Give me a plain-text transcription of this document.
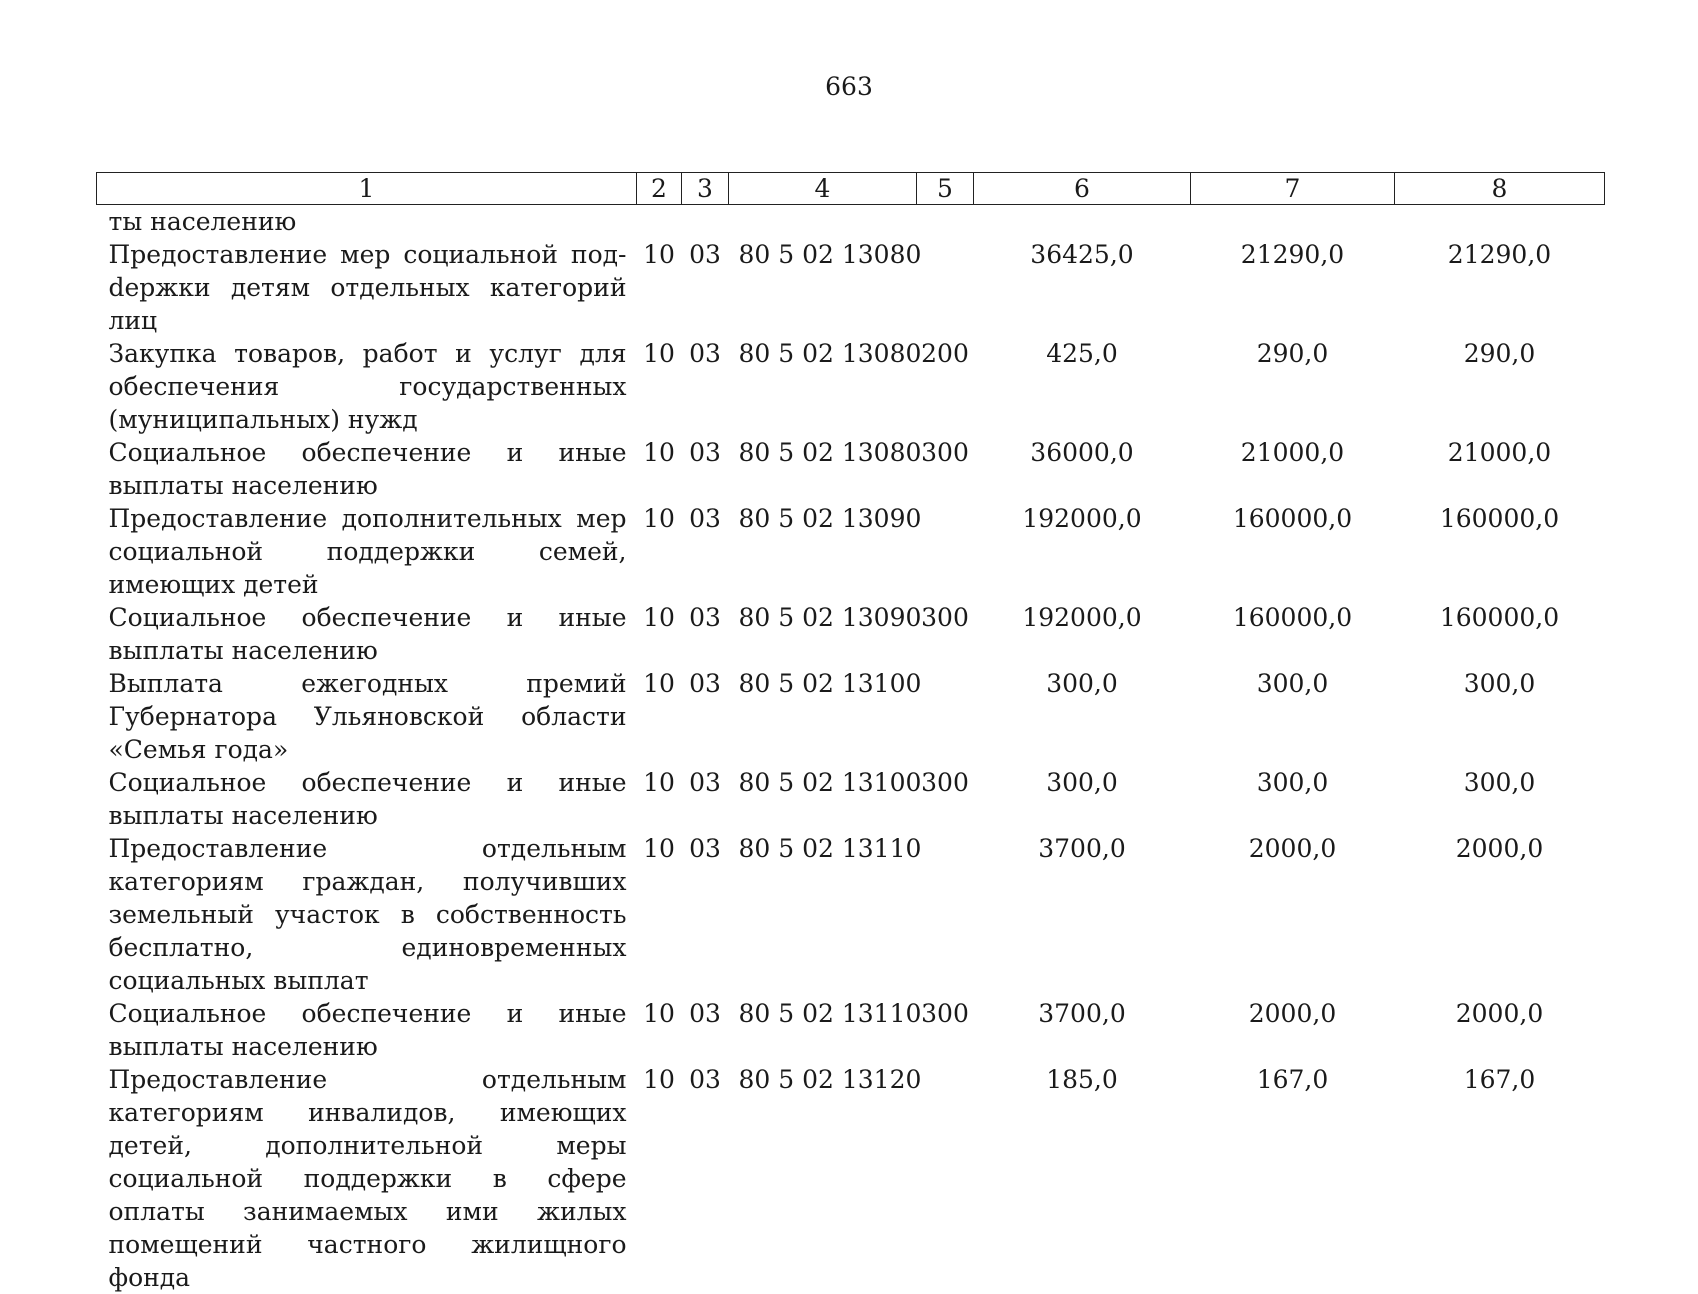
663
1	2	3	4	5	6	7	8
ты населению							
Предоставление мер социальной подdержки детям отдельных категорий лиц	10	03	80 5 02 13080		36425,0	21290,0	21290,0
Закупка товаров, работ и услуг для обеспечения государственных (муниципальных) нужд	10	03	80 5 02 13080	200	425,0	290,0	290,0
Социальное обеспечение и иные выплаты населению	10	03	80 5 02 13080	300	36000,0	21000,0	21000,0
Предоставление дополнительных мер социальной поддержки семей, имеющих детей	10	03	80 5 02 13090		192000,0	160000,0	160000,0
Социальное обеспечение и иные выплаты населению	10	03	80 5 02 13090	300	192000,0	160000,0	160000,0
Выплата ежегодных премий Губернатора Ульяновской области «Семья года»	10	03	80 5 02 13100		300,0	300,0	300,0
Социальное обеспечение и иные выплаты населению	10	03	80 5 02 13100	300	300,0	300,0	300,0
Предоставление отдельным категориям граждан, получивших земельный участок в собственность бесплатно, единовременных социальных выплат	10	03	80 5 02 13110		3700,0	2000,0	2000,0
Социальное обеспечение и иные выплаты населению	10	03	80 5 02 13110	300	3700,0	2000,0	2000,0
Предоставление отдельным категориям инвалидов, имеющих детей, дополнительной меры социальной поддержки в сфере оплаты занимаемых ими жилых помещений частного жилищного фонда	10	03	80 5 02 13120		185,0	167,0	167,0
